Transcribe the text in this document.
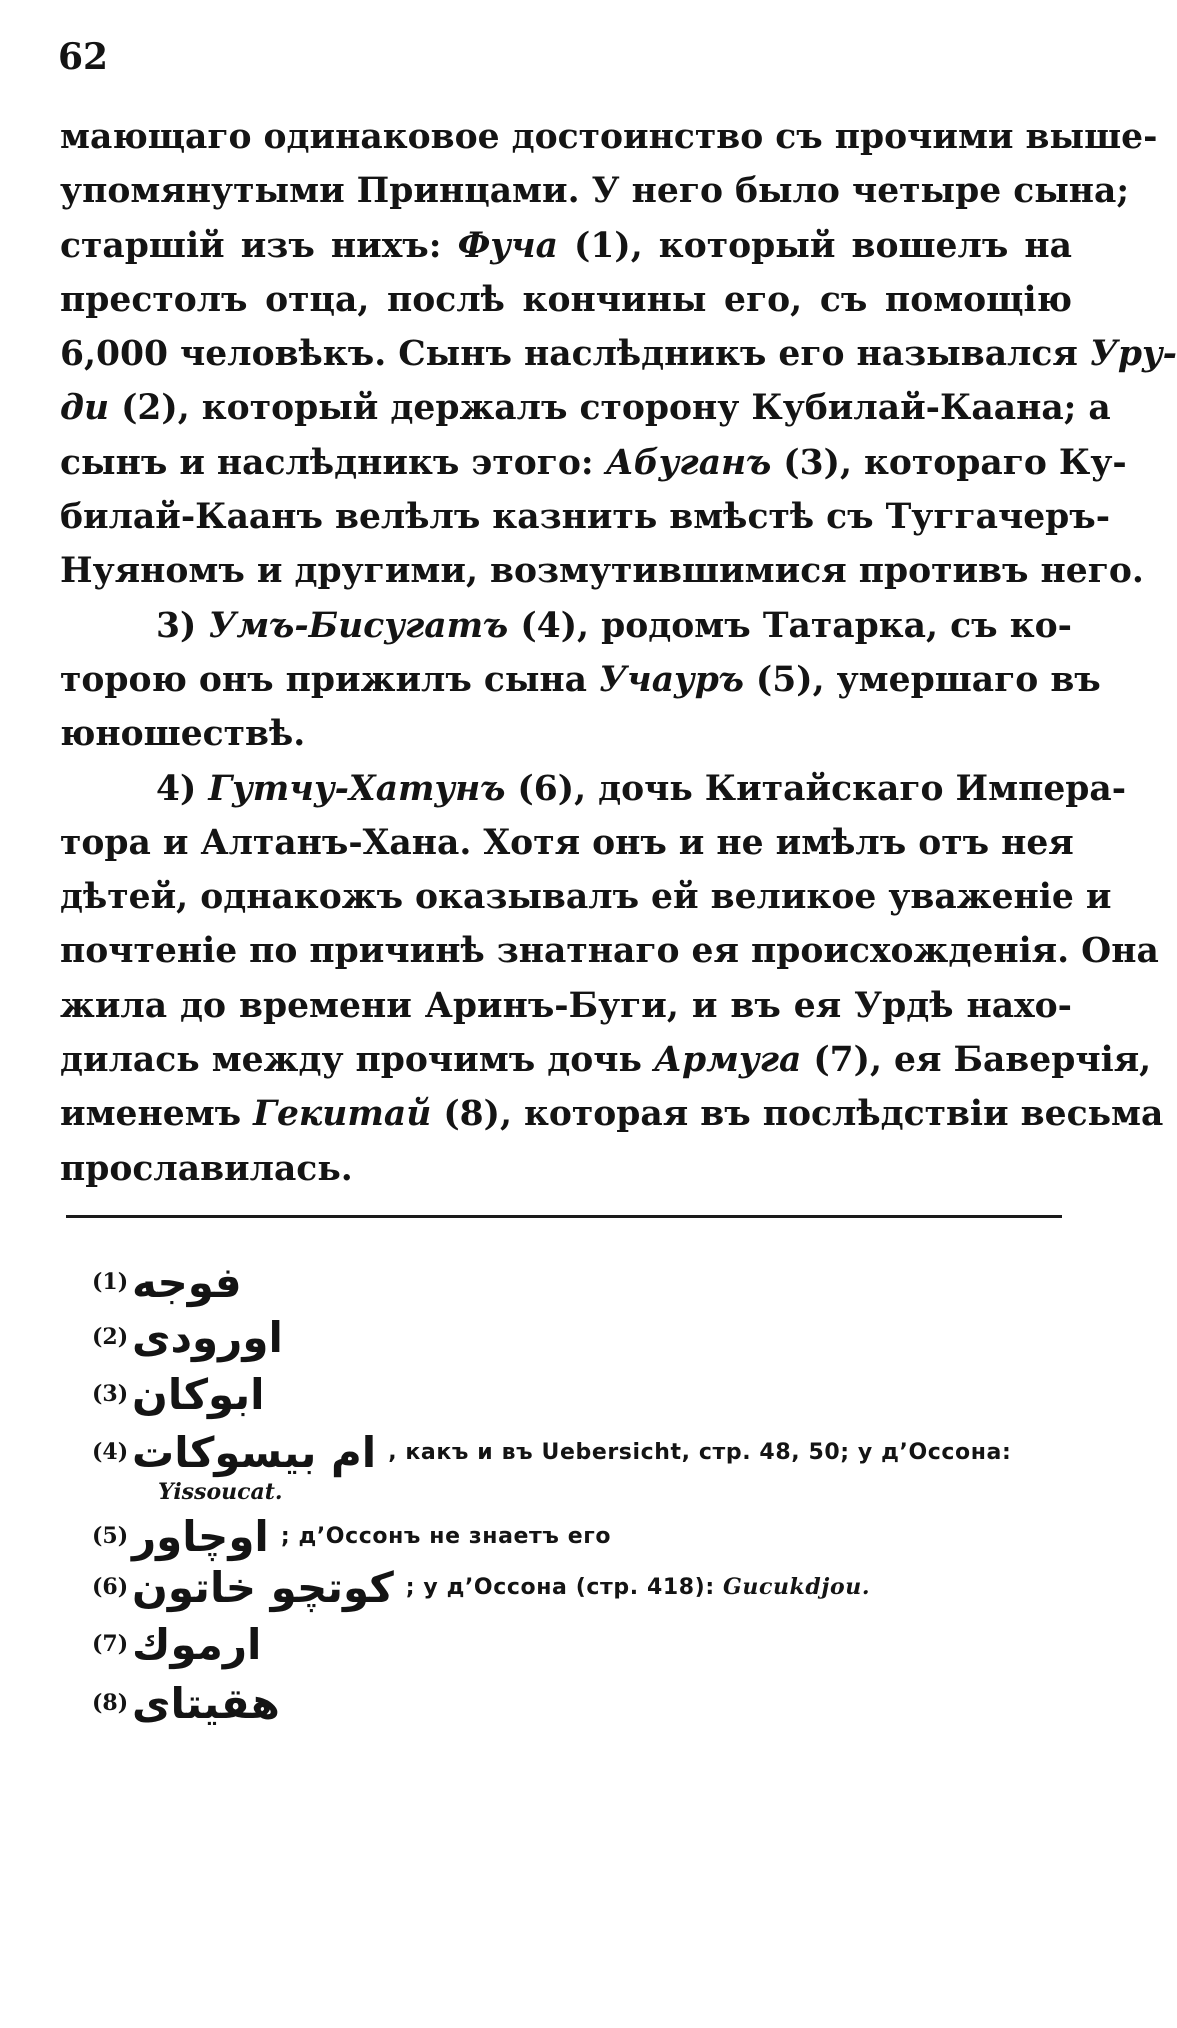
62
мающаго одинаковое достоинство съ прочими выше-
упомянутыми Принцами. У него было четыре сына;
старшій изъ нихъ: Фуча (1), который вошелъ на
престолъ отца, послѣ кончины его, съ помощію
6,000 человѣкъ. Сынъ наслѣдникъ его назывался Уру-
ди (2), который держалъ сторону Кубилай-Каана; а
сынъ и наслѣдникъ этого: Абуганъ (3), котораго Ку-
билай-Каанъ велѣлъ казнить вмѣстѣ съ Туггачеръ-
Нуяномъ и другими, возмутившимися противъ него.
3) Умъ-Бисугатъ (4), родомъ Татарка, съ ко-
торою онъ прижилъ сына Учауръ (5), умершаго въ
юношествѣ.
4) Гутчу-Хатунъ (6), дочь Китайскаго Импера-
тора и Алтанъ-Хана. Хотя онъ и не имѣлъ отъ нея
дѣтей, однакожъ оказывалъ ей великое уваженіе и
почтеніе по причинѣ знатнаго ея происхожденія. Она
жила до времени Аринъ-Буги, и въ ея Урдѣ нахо-
дилась между прочимъ дочь Армуга (7), ея Баверчія,
именемъ Гекитай (8), которая въ послѣдствіи весьма
прославилась.
(1) فوجه
(2) اورودی
(3) ابوكان
(4) ام بيسوكات , какъ и въ Uebersicht, стр. 48, 50; у д’Оссона:
Yissoucat.
(5) اوچاور ; д’Оссонъ не знаетъ его
(6) كوتچو خاتون ; у д’Оссона (стр. 418): Gucukdjou.
(7) ارموك
(8) هقيتاى
